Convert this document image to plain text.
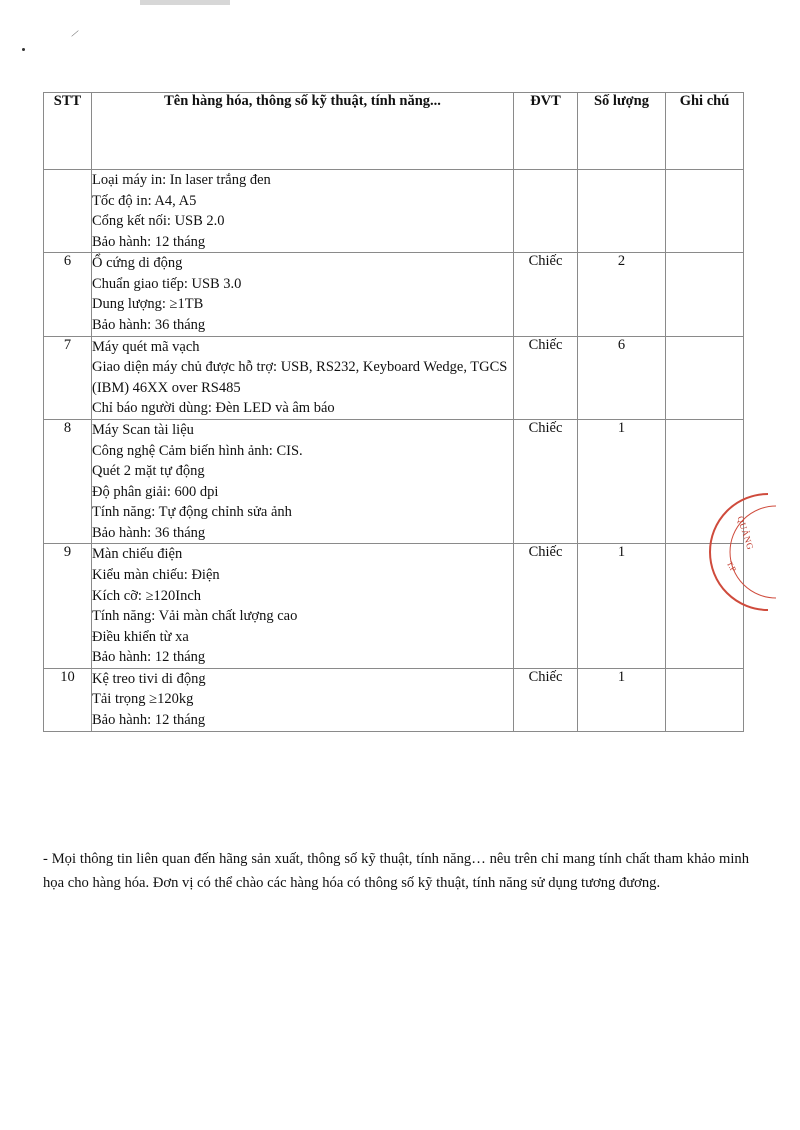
⁄
STT	Tên hàng hóa, thông số kỹ thuật, tính năng...	ĐVT	Số lượng	Ghi chú

	Loại máy in: In laser trắng đen
Tốc độ in: A4, A5
Cổng kết nối: USB 2.0
Bảo hành: 12 tháng			

6	Ổ cứng di động
Chuẩn giao tiếp: USB 3.0
Dung lượng: ≥1TB
Bảo hành: 36 tháng	Chiếc	2	
7	Máy quét mã vạch
Giao diện máy chủ được hỗ trợ: USB, RS232, Keyboard Wedge, TGCS (IBM) 46XX over RS485
Chỉ báo người dùng: Đèn LED và âm báo	Chiếc	6	
8	Máy Scan tài liệu
Công nghệ Cảm biến hình ảnh: CIS.
Quét 2 mặt tự động
Độ phân giải: 600 dpi
Tính năng: Tự động chỉnh sửa ảnh
Bảo hành: 36 tháng
	Chiếc	1	
9	Màn chiếu điện
Kiểu màn chiếu: Điện
Kích cỡ: ≥120Inch
Tính năng: Vải màn chất lượng cao
Điều khiển từ xa
Bảo hành: 12 tháng
	Chiếc	1	
10	Kệ treo tivi di động
Tải trọng ≥120kg
Bảo hành: 12 tháng	Chiếc	1	
QUẢNG
T.P
- Mọi thông tin liên quan đến hãng sản xuất, thông số kỹ thuật, tính năng… nêu trên chỉ mang tính chất tham khảo minh họa cho hàng hóa. Đơn vị có thể chào các hàng hóa có thông số kỹ thuật, tính năng sử dụng tương đương.
